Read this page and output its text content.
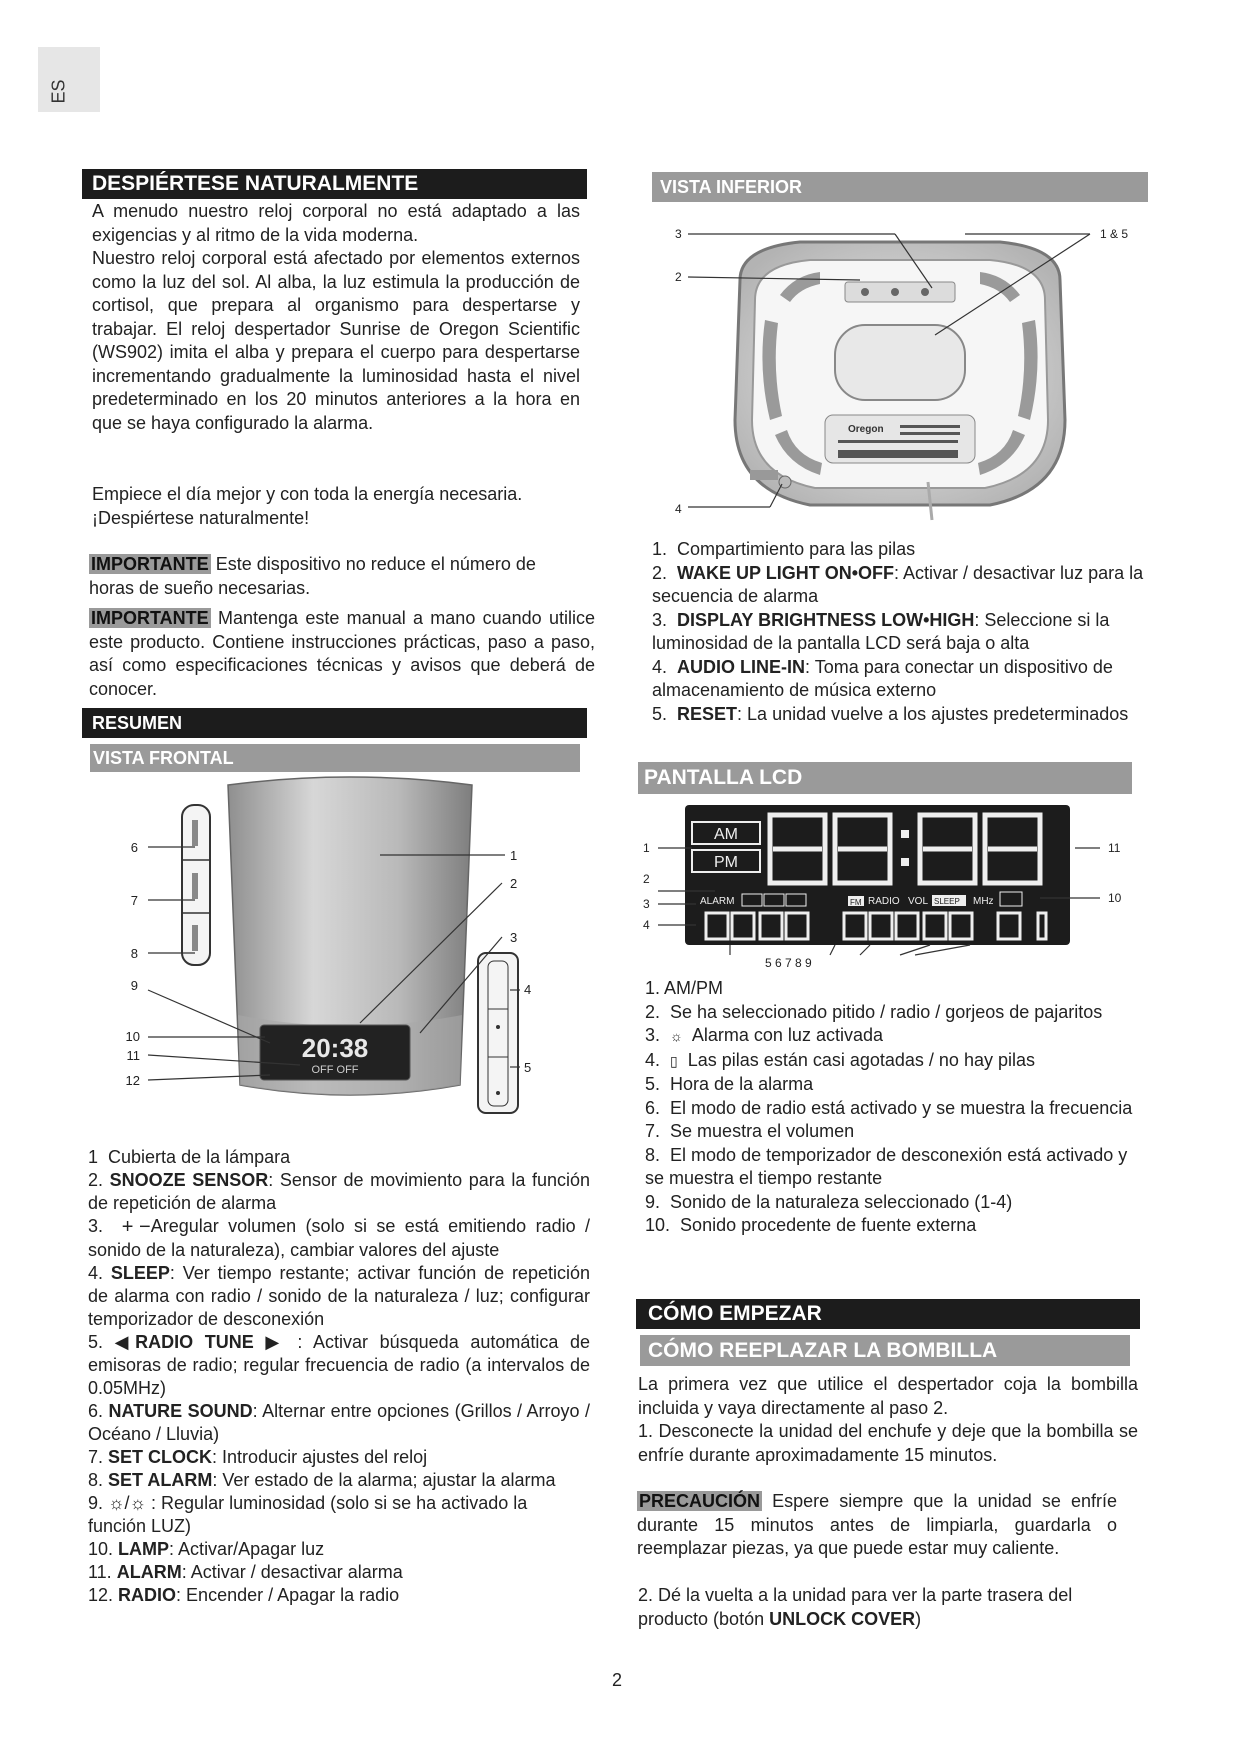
ES
DESPIÉRTESE NATURALMENTE
A menudo nuestro reloj corporal no está adaptado a las exigencias y al ritmo de la vida moderna.
Nuestro reloj corporal está afectado por elementos externos como la luz del sol. Al alba, la luz estimula la producción de cortisol, que prepara al organismo para despertarse y trabajar. El reloj despertador Sunrise de Oregon Scientific (WS902) imita el alba y prepara el cuerpo para despertarse incrementando gradualmente la luminosidad hasta el nivel predeterminado en los 20 minutos anteriores a la hora en que se haya configurado la alarma.
Empiece el día mejor y con toda la energía necesaria.
¡Despiértese naturalmente!
IMPORTANTE Este dispositivo no reduce el número de horas de sueño necesarias.
IMPORTANTE Mantenga este manual a mano cuando utilice este producto. Contiene instrucciones prácticas, paso a paso, así como especificaciones técnicas y avisos que deberá de conocer.
RESUMEN
VISTA FRONTAL
20:38
OFF OFF
6
7
8
9
10
11
12
1
2
3
4
5

1 Cubierta de la lámpara

2. SNOOZE SENSOR: Sensor de movimiento para la función de repetición de alarma

3. + −Aregular volumen (solo si se está emitiendo radio / sonido de la naturaleza), cambiar valores del ajuste

4. SLEEP: Ver tiempo restante; activar función de repetición de alarma con radio / sonido de la naturaleza / luz; configurar temporizador de desconexión

5. ◀RADIO TUNE ▶ : Activar búsqueda automática de emisoras de radio; regular frecuencia de radio (a intervalos de 0.05MHz)

6. NATURE SOUND: Alternar entre opciones (Grillos / Arroyo / Océano / Lluvia)

7. SET CLOCK: Introducir ajustes del reloj

8. SET ALARM: Ver estado de la alarma; ajustar la alarma

9. ☼/☼ : Regular luminosidad (solo si se ha activado la función LUZ)

10. LAMP: Activar/Apagar luz

11. ALARM: Activar / desactivar alarma

12. RADIO: Encender / Apagar la radio

VISTA INFERIOR
Oregon
3
2
4
1 & 5

1. Compartimiento para las pilas

2. WAKE UP LIGHT ON•OFF: Activar / desactivar luz para la secuencia de alarma

3. DISPLAY BRIGHTNESS LOW•HIGH: Seleccione si la luminosidad de la pantalla LCD será baja o alta

4. AUDIO LINE-IN: Toma para conectar un dispositivo de almacenamiento de música externo

5. RESET: La unidad vuelve a los ajustes predeterminados

PANTALLA LCD
AM
PM
ALARM	FM RADIO VOL SLEEP MHz
1
2
3
4
11
10
5 6 7 8 9

1. AM/PM

2. Se ha seleccionado pitido / radio / gorjeos de pajaritos

3. ☼ Alarma con luz activada

4. ▯ Las pilas están casi agotadas / no hay pilas

5. Hora de la alarma

6. El modo de radio está activado y se muestra la frecuencia

7. Se muestra el volumen

8. El modo de temporizador de desconexión está activado y se muestra el tiempo restante

9. Sonido de la naturaleza seleccionado (1-4)

10. Sonido procedente de fuente externa

CÓMO EMPEZAR
CÓMO REEPLAZAR LA BOMBILLA
La primera vez que utilice el despertador coja la bombilla incluida y vaya directamente al paso 2.
1. Desconecte la unidad del enchufe y deje que la bombilla se enfríe durante aproximadamente 15 minutos.
PRECAUCIÓN Espere siempre que la unidad se enfríe durante 15 minutos antes de limpiarla, guardarla o reemplazar piezas, ya que puede estar muy caliente.
2. Dé la vuelta a la unidad para ver la parte trasera del producto (botón UNLOCK COVER)
2
